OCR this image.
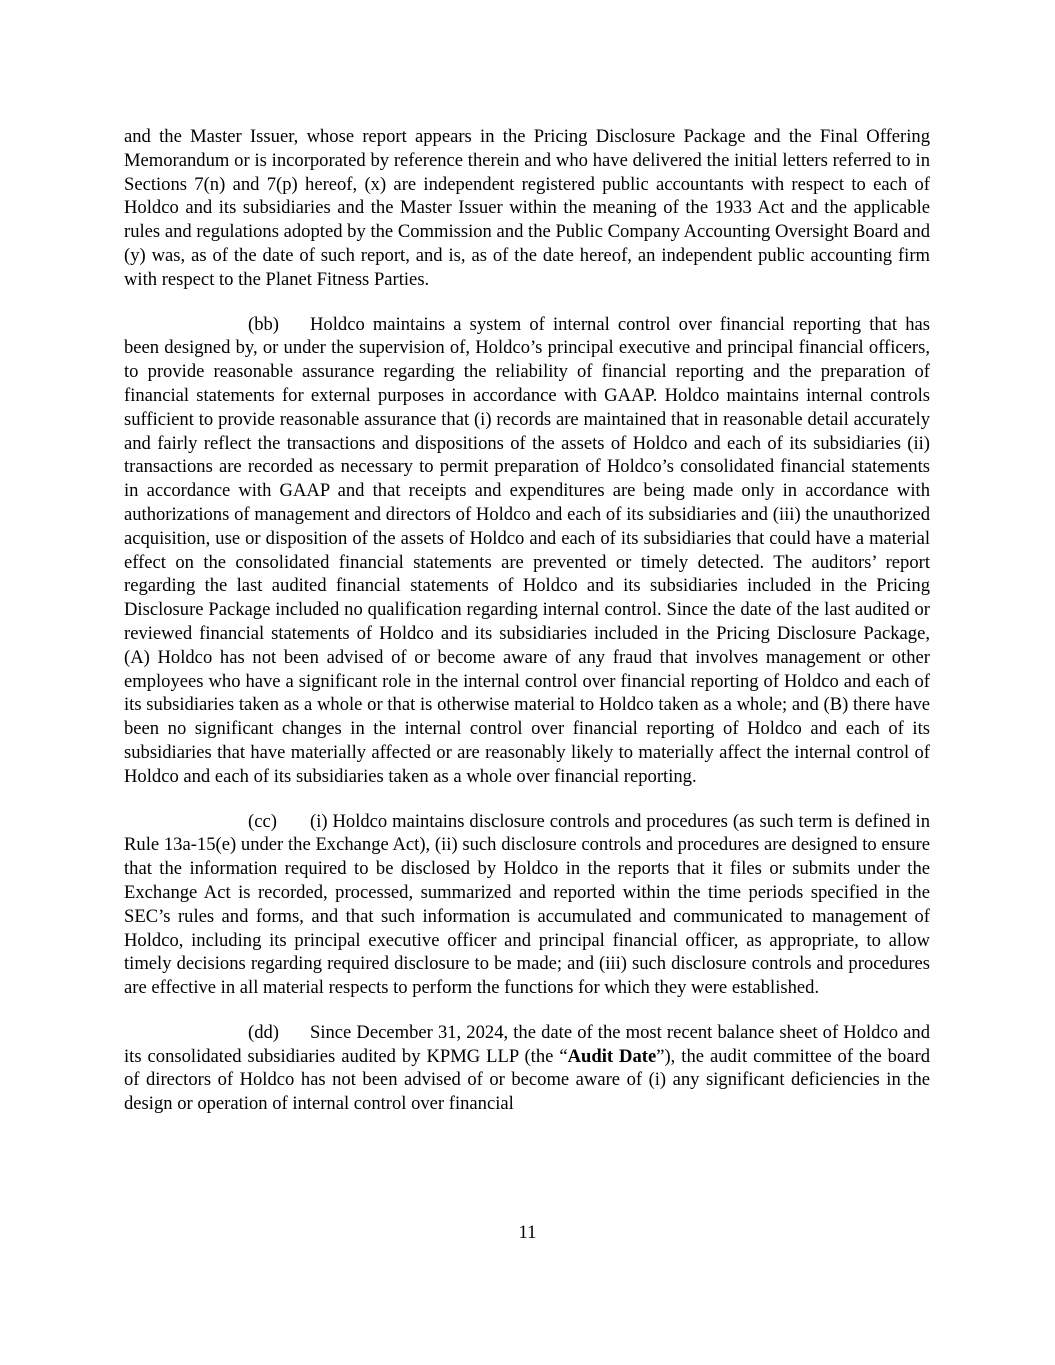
and the Master Issuer, whose report appears in the Pricing Disclosure Package and the Final Offering Memorandum or is incorporated by reference therein and who have delivered the initial letters referred to in Sections 7(n) and 7(p) hereof, (x) are independent registered public accountants with respect to each of Holdco and its subsidiaries and the Master Issuer within the meaning of the 1933 Act and the applicable rules and regulations adopted by the Commission and the Public Company Accounting Oversight Board and (y) was, as of the date of such report, and is, as of the date hereof, an independent public accounting firm with respect to the Planet Fitness Parties.

(bb) Holdco maintains a system of internal control over financial reporting that has been designed by, or under the supervision of, Holdco’s principal executive and principal financial officers, to provide reasonable assurance regarding the reliability of financial reporting and the preparation of financial statements for external purposes in accordance with GAAP. Holdco maintains internal controls sufficient to provide reasonable assurance that (i) records are maintained that in reasonable detail accurately and fairly reflect the transactions and dispositions of the assets of Holdco and each of its subsidiaries (ii) transactions are recorded as necessary to permit preparation of Holdco’s consolidated financial statements in accordance with GAAP and that receipts and expenditures are being made only in accordance with authorizations of management and directors of Holdco and each of its subsidiaries and (iii) the unauthorized acquisition, use or disposition of the assets of Holdco and each of its subsidiaries that could have a material effect on the consolidated financial statements are prevented or timely detected. The auditors’ report regarding the last audited financial statements of Holdco and its subsidiaries included in the Pricing Disclosure Package included no qualification regarding internal control. Since the date of the last audited or reviewed financial statements of Holdco and its subsidiaries included in the Pricing Disclosure Package, (A) Holdco has not been advised of or become aware of any fraud that involves management or other employees who have a significant role in the internal control over financial reporting of Holdco and each of its subsidiaries taken as a whole or that is otherwise material to Holdco taken as a whole; and (B) there have been no significant changes in the internal control over financial reporting of Holdco and each of its subsidiaries that have materially affected or are reasonably likely to materially affect the internal control of Holdco and each of its subsidiaries taken as a whole over financial reporting.

(cc) (i) Holdco maintains disclosure controls and procedures (as such term is defined in Rule 13a-15(e) under the Exchange Act), (ii) such disclosure controls and procedures are designed to ensure that the information required to be disclosed by Holdco in the reports that it files or submits under the Exchange Act is recorded, processed, summarized and reported within the time periods specified in the SEC’s rules and forms, and that such information is accumulated and communicated to management of Holdco, including its principal executive officer and principal financial officer, as appropriate, to allow timely decisions regarding required disclosure to be made; and (iii) such disclosure controls and procedures are effective in all material respects to perform the functions for which they were established.

(dd) Since December 31, 2024, the date of the most recent balance sheet of Holdco and its consolidated subsidiaries audited by KPMG LLP (the “Audit Date”), the audit committee of the board of directors of Holdco has not been advised of or become aware of (i) any significant deficiencies in the design or operation of internal control over financial

11
